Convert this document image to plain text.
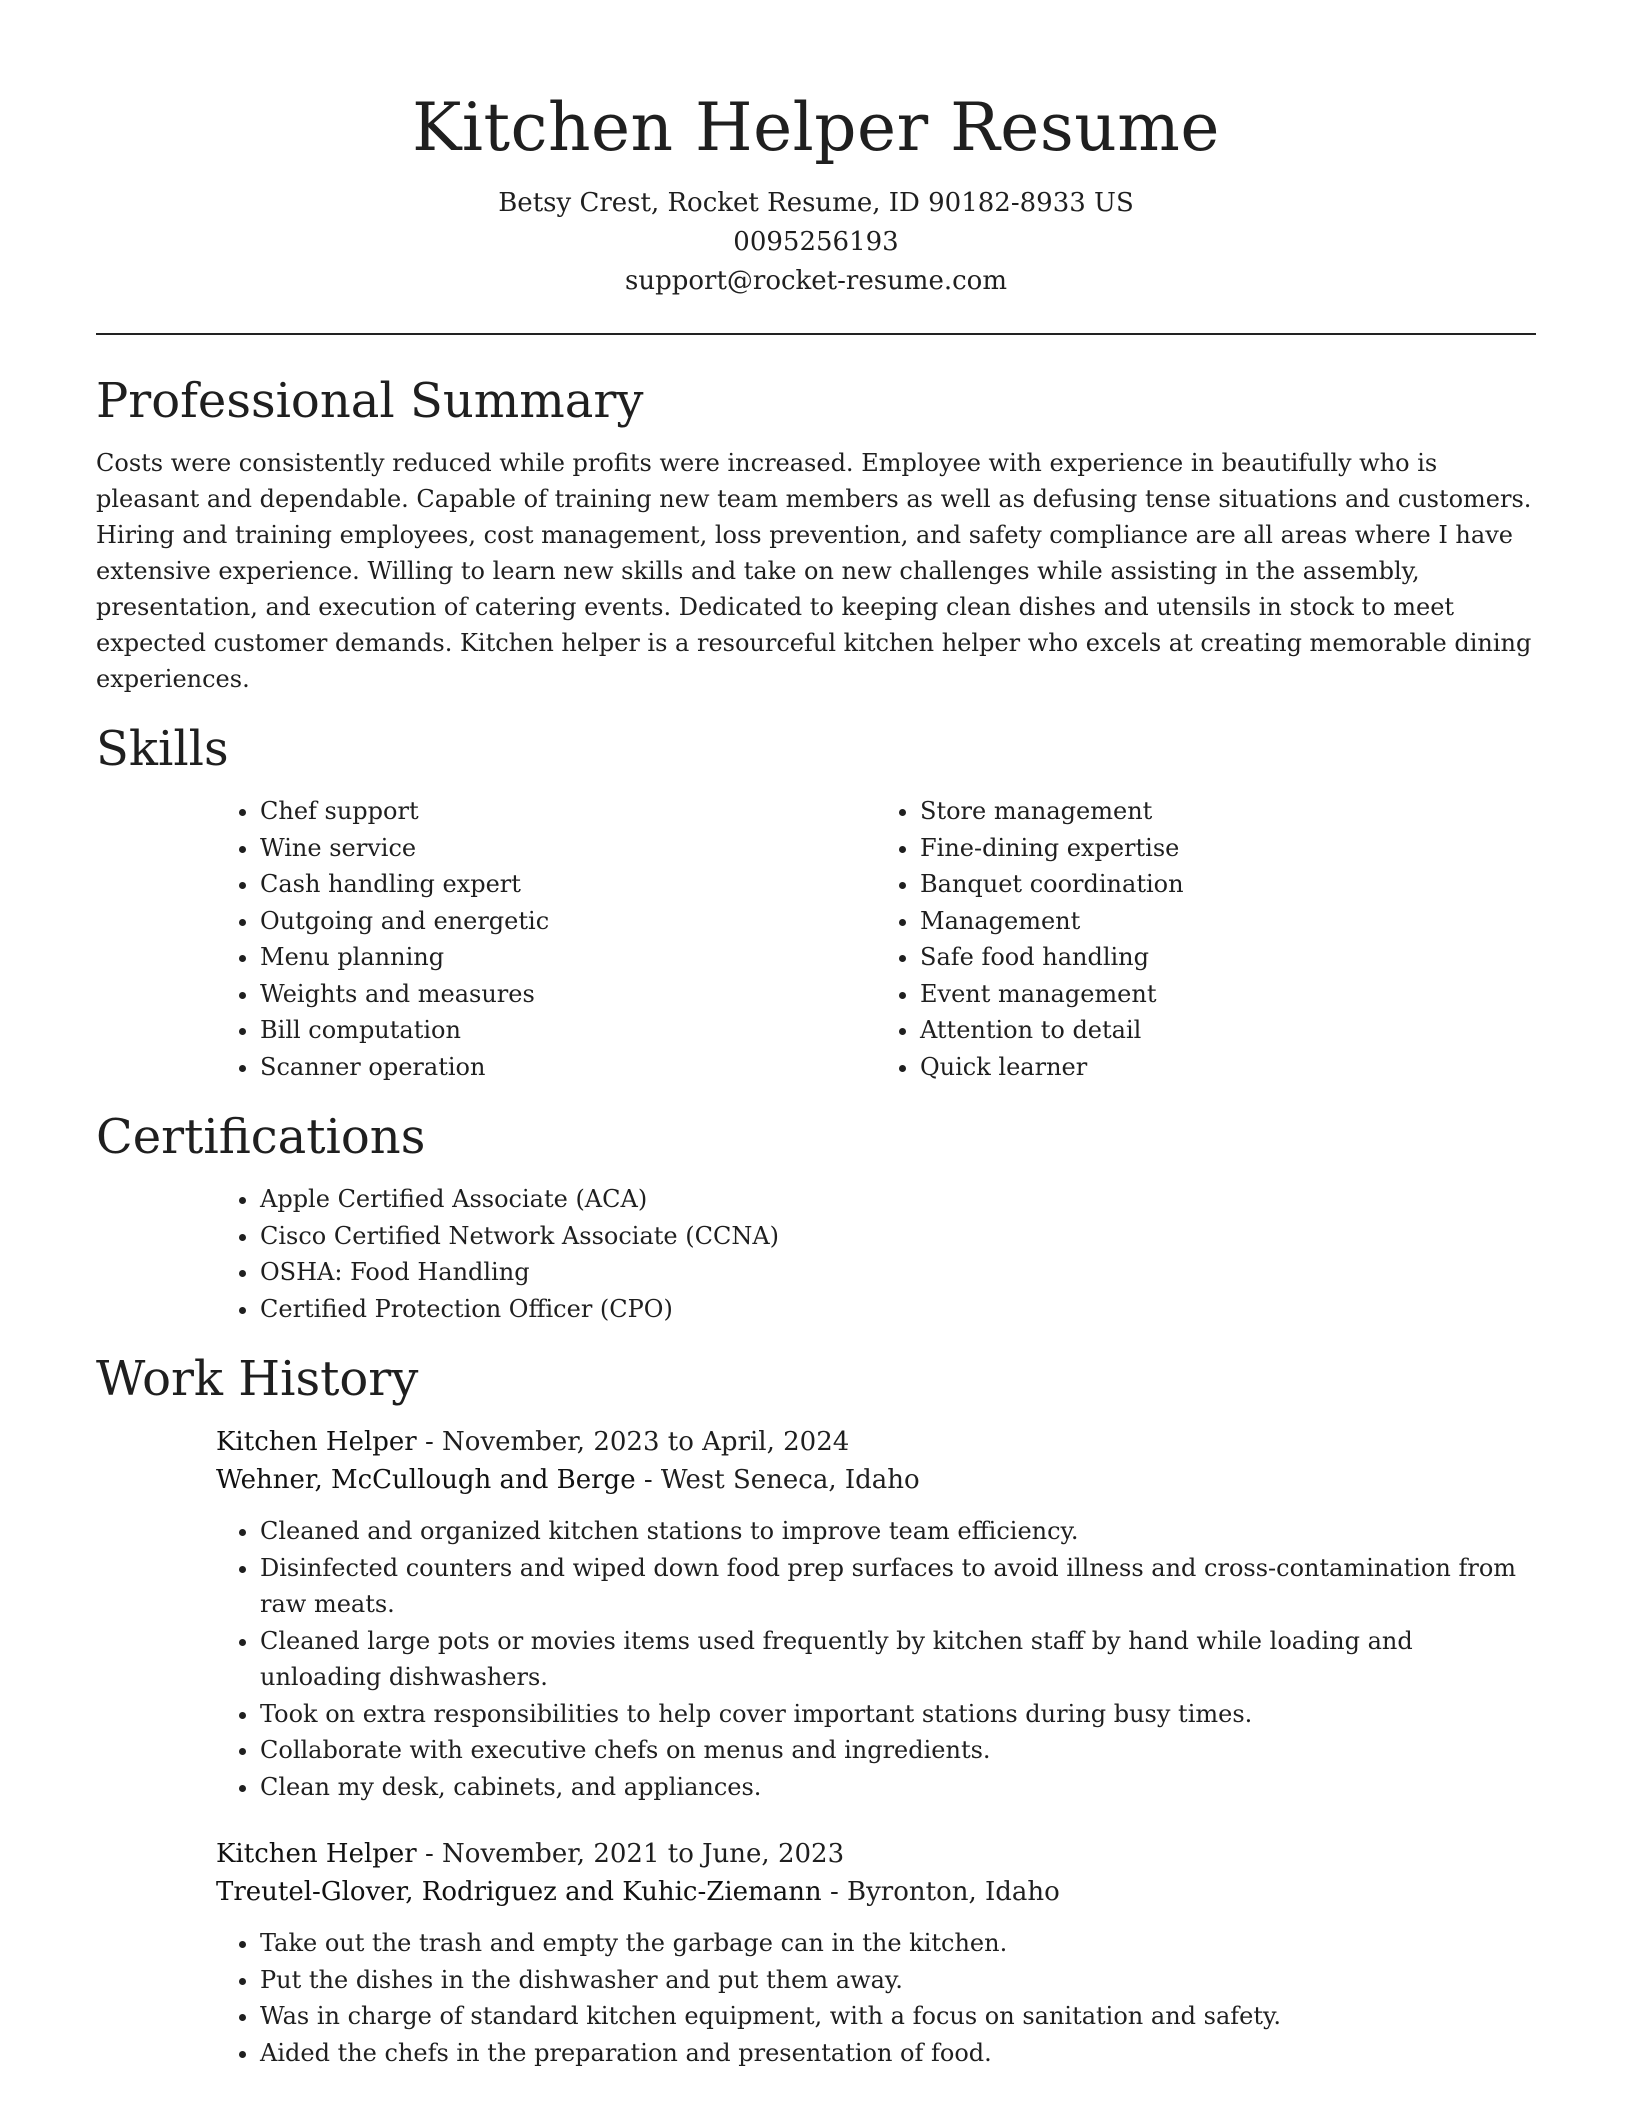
Kitchen Helper Resume
Betsy Crest, Rocket Resume, ID 90182-8933 US
0095256193
support@rocket-resume.com
Professional Summary

Costs were consistently reduced while profits were increased. Employee with experience in beautifully who is pleasant and dependable. Capable of training new team members as well as defusing tense situations and customers. Hiring and training employees, cost management, loss prevention, and safety compliance are all areas where I have extensive experience. Willing to learn new skills and take on new challenges while assisting in the assembly, presentation, and execution of catering events. Dedicated to keeping clean dishes and utensils in stock to meet expected customer demands. Kitchen helper is a resourceful kitchen helper who excels at creating memorable dining experiences.

Skills
• Chef support
• Wine service
• Cash handling expert
• Outgoing and energetic
• Menu planning
• Weights and measures
• Bill computation
• Scanner operation
• Store management
• Fine-dining expertise
• Banquet coordination
• Management
• Safe food handling
• Event management
• Attention to detail
• Quick learner
Certifications
• Apple Certified Associate (ACA)
• Cisco Certified Network Associate (CCNA)
• OSHA: Food Handling
• Certified Protection Officer (CPO)
Work History
Kitchen Helper - November, 2023 to April, 2024
Wehner, McCullough and Berge - West Seneca, Idaho
• Cleaned and organized kitchen stations to improve team efficiency.
• Disinfected counters and wiped down food prep surfaces to avoid illness and cross-contamination from raw meats.
• Cleaned large pots or movies items used frequently by kitchen staff by hand while loading and unloading dishwashers.
• Took on extra responsibilities to help cover important stations during busy times.
• Collaborate with executive chefs on menus and ingredients.
• Clean my desk, cabinets, and appliances.
Kitchen Helper - November, 2021 to June, 2023
Treutel-Glover, Rodriguez and Kuhic-Ziemann - Byronton, Idaho
• Take out the trash and empty the garbage can in the kitchen.
• Put the dishes in the dishwasher and put them away.
• Was in charge of standard kitchen equipment, with a focus on sanitation and safety.
• Aided the chefs in the preparation and presentation of food.
